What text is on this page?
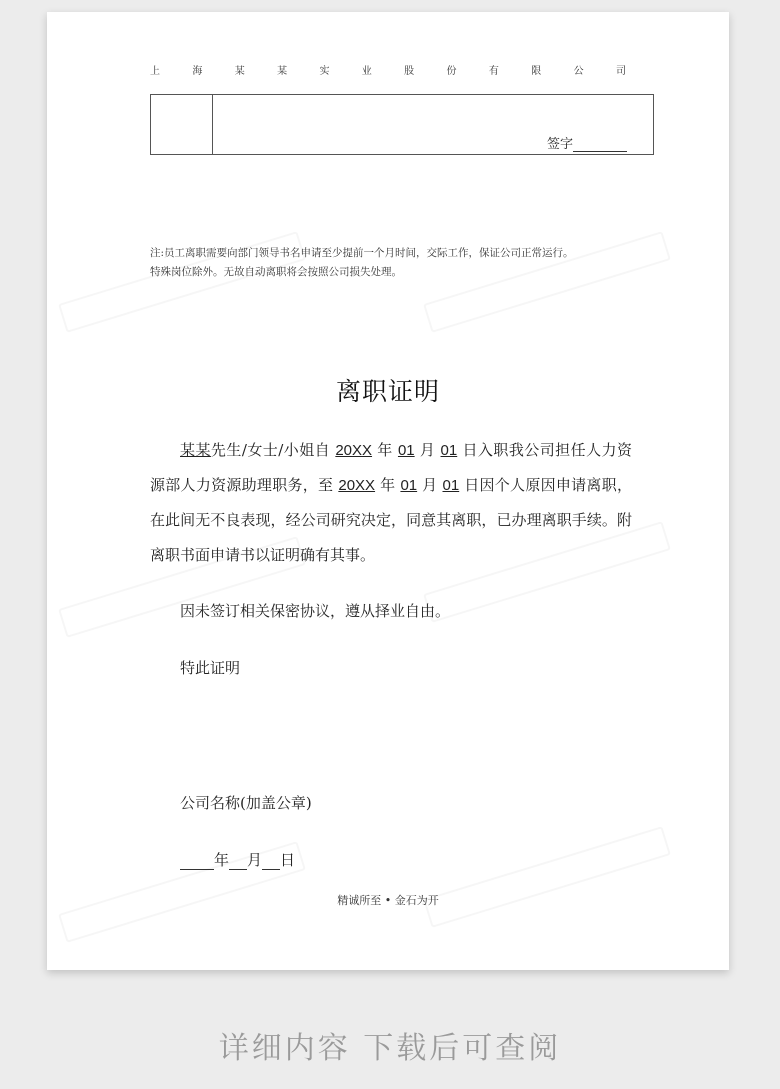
上	海	某	某	实	业	股	份	有	限	公	司
签字
注:员工离职需要向部门领导书名申请至少提前一个月时间，交际工作，保证公司正常运行。
特殊岗位除外。无故自动离职将会按照公司损失处理。
离职证明
某某先生/女士/小姐自 20XX 年 01 月 01 日入职我公司担任人力资源部人力资源助理职务，至 20XX 年 01 月 01 日因个人原因申请离职，在此间无不良表现，经公司研究决定，同意其离职，已办理离职手续。附离职书面申请书以证明确有其事。
因未签订相关保密协议，遵从择业自由。
特此证明
公司名称(加盖公章)
年 月 日
精诚所至 • 金石为开
详细内容 下载后可查阅
